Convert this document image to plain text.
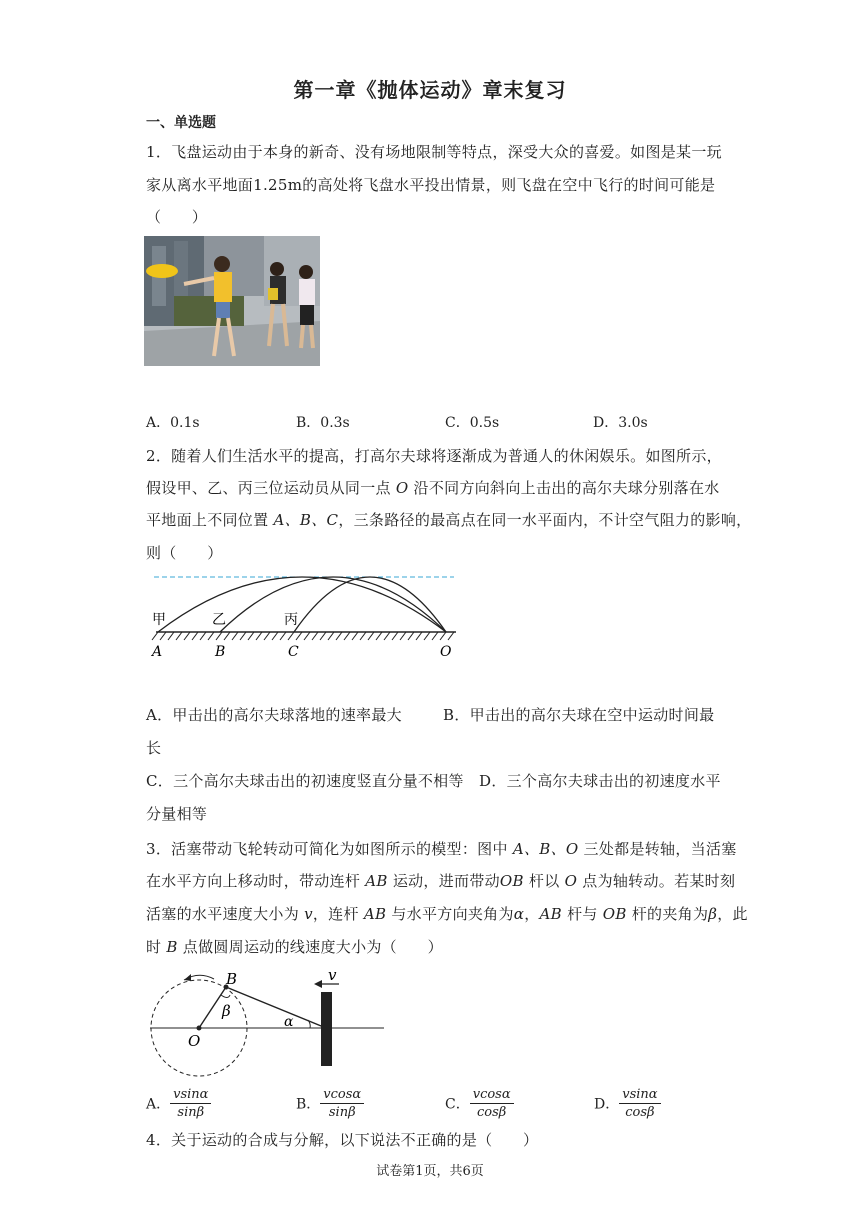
第一章《抛体运动》章末复习
一、单选题
1．飞盘运动由于本身的新奇、没有场地限制等特点，深受大众的喜爱。如图是某一玩
家从离水平地面1.25m的高处将飞盘水平投出情景，则飞盘在空中飞行的时间可能是
（　　）
A．0.1s	B．0.3s	C．0.5s	D．3.0s
2．随着人们生活水平的提高，打高尔夫球将逐渐成为普通人的休闲娱乐。如图所示，
假设甲、乙、丙三位运动员从同一点 O 沿不同方向斜向上击出的高尔夫球分别落在水
平地面上不同位置 A、B、C，三条路径的最高点在同一水平面内，不计空气阻力的影响，
则（　　）
甲	乙	丙
A	B	C	O
A．甲击出的高尔夫球落地的速率最大	B．甲击出的高尔夫球在空中运动时间最
长
C．三个高尔夫球击出的初速度竖直分量不相等 D．三个高尔夫球击出的初速度水平
分量相等
3．活塞带动飞轮转动可简化为如图所示的模型：图中 A、B、O 三处都是转轴，当活塞
在水平方向上移动时，带动连杆 AB 运动，进而带动OB 杆以 O 点为轴转动。若某时刻
活塞的水平速度大小为 v，连杆 AB 与水平方向夹角为α，AB 杆与 OB 杆的夹角为β，此
时 B 点做圆周运动的线速度大小为（　　）
B
O
β
α
v
A． $\frac{vsin\alpha}{\sin\beta}$	B． $\frac{vcos\alpha}{\sin\beta}$	C． $\frac{vcos\alpha}{\cos\beta}$	D． $\frac{vsin\alpha}{\cos\beta}$
4．关于运动的合成与分解，以下说法不正确的是（　　）
试卷第1页，共6页
